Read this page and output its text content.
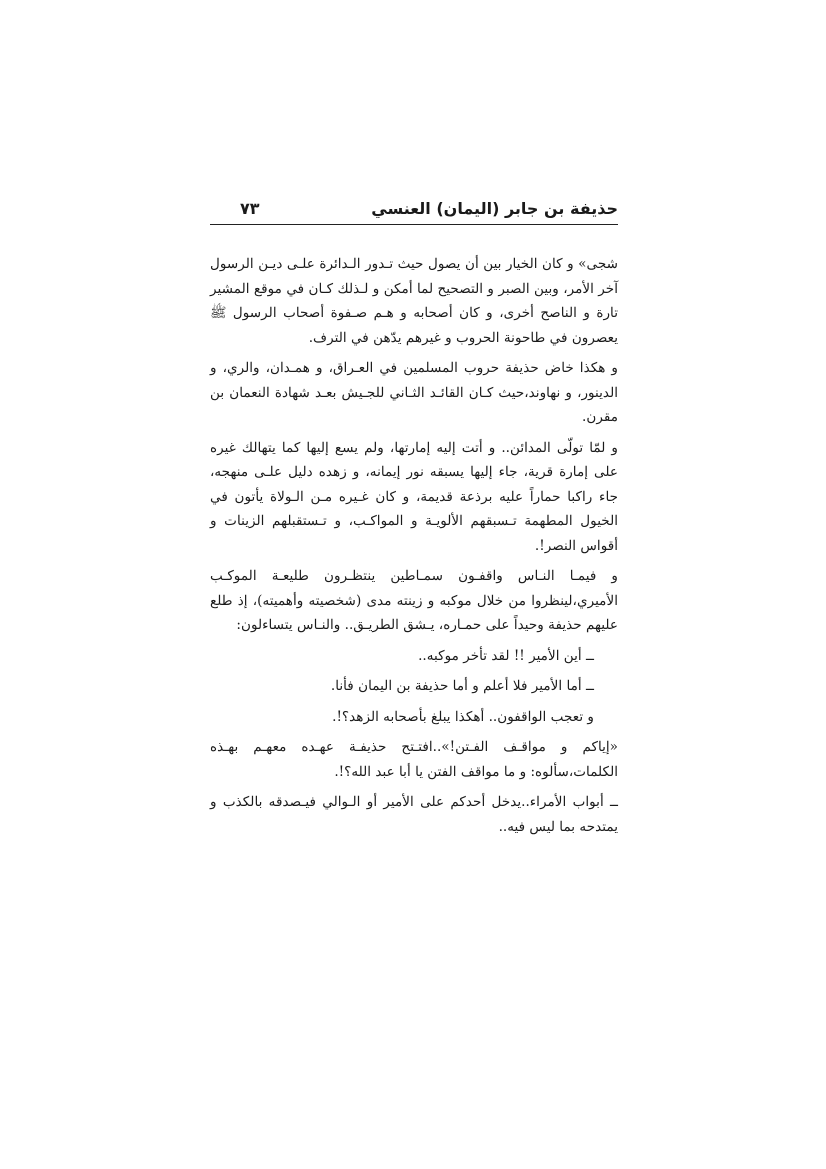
حذيفة بن جابر (اليمان) العنسي
٧٣

شجى» و كان الخيار بين أن يصول حيث تـدور الـدائرة علـى ديـن الرسول آخر الأمر، وبين الصبر و التصحيح لما أمكن و لـذلك كـان في موقع المشير تارة و الناصح أخرى، و كان أصحابه و هـم صـفوة أصحاب الرسول ﷺ يعصرون في طاحونة الحروب و غيرهم يدّهن في الترف.

و هكذا خاض حذيفة حروب المسلمين في العـراق، و همـدان، والري، و الدينور، و نهاوند،حيث كـان القائـد الثـاني للجـيش بعـد شهادة النعمان بن مقرن.

و لمّا تولّى المدائن.. و أتت إليه إمارتها، ولم يسع إليها كما يتهالك غيره على إمارة قرية، جاء إليها يسبقه نور إيمانه، و زهده دليل علـى منهجه، جاء راكبا حماراً عليه برذعة قديمة، و كان غـيره مـن الـولاة يأتون في الخيول المطهمة تـسبقهم الألويـة و المواكـب، و تـستقبلهم الزينات و أقواس النصر!.

و فيمـا النـاس واقفـون سمـاطين ينتظـرون طليعـة الموكـب الأميري،لينظروا من خلال موكبه و زينته مدى (شخصيته وأهميته)، إذ طلع عليهم حذيفة وحيداً على حمـاره، يـشق الطريـق.. والنـاس يتساءلون:

ــ أين الأمير !! لقد تأخر موكبه..

ــ أما الأمير فلا أعلم و أما حذيفة بن اليمان فأنا.

و تعجب الواقفون.. أهكذا يبلغ بأصحابه الزهد؟!.

«إياكم و مواقـف الفـتن!»..افتـتح حذيفـة عهـده معهـم بهـذه الكلمات،سألوه: و ما مواقف الفتن يا أبا عبد الله؟!.

ــ أبواب الأمراء..يدخل أحدكم على الأمير أو الـوالي فيـصدقه بالكذب و يمتدحه بما ليس فيه..
